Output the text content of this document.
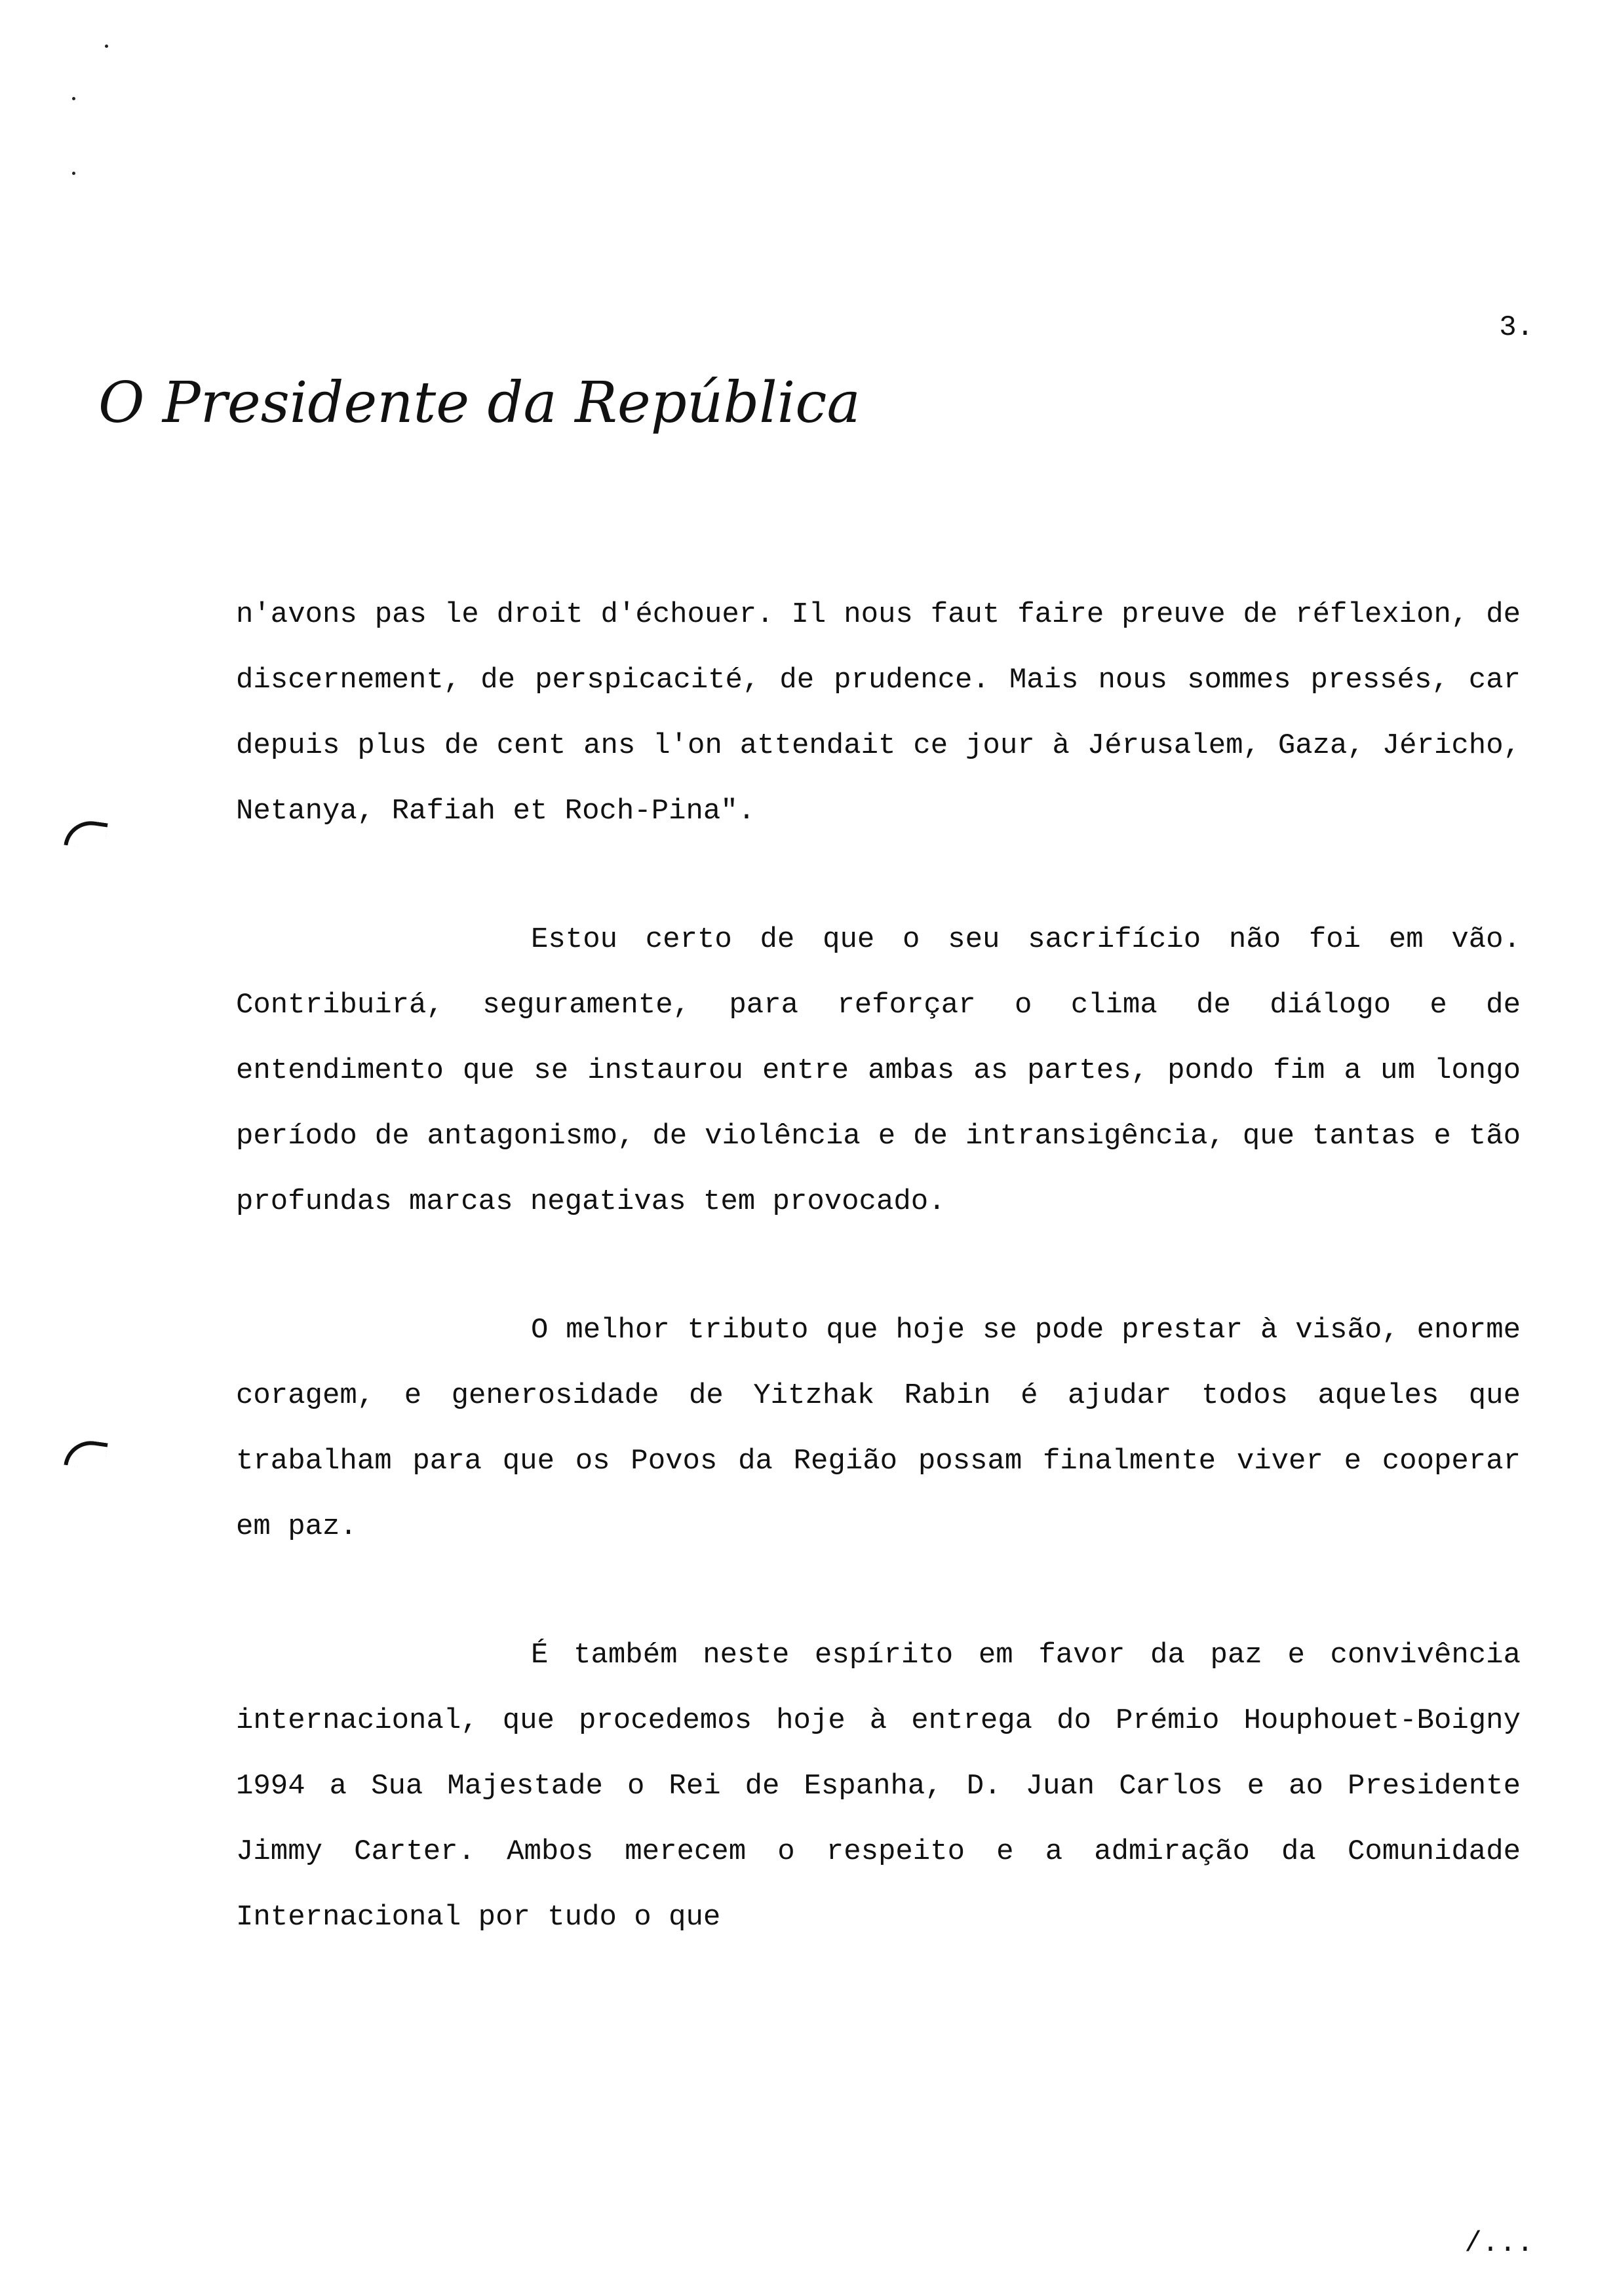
3.
O Presidente da República

n'avons pas le droit d'échouer. Il nous faut faire preuve de réflexion, de discernement, de perspicacité, de prudence. Mais nous sommes pressés, car depuis plus de cent ans l'on attendait ce jour à Jérusalem, Gaza, Jéricho, Netanya, Rafiah et Roch-Pina".

Estou certo de que o seu sacrifício não foi em vão. Contribuirá, seguramente, para reforçar o clima de diálogo e de entendimento que se instaurou entre ambas as partes, pondo fim a um longo período de antagonismo, de violência e de intransigência, que tantas e tão profundas marcas negativas tem provocado.

O melhor tributo que hoje se pode prestar à visão, enorme coragem, e generosidade de Yitzhak Rabin é ajudar todos aqueles que trabalham para que os Povos da Região possam finalmente viver e cooperar em paz.

É também neste espírito em favor da paz e convivência internacional, que procedemos hoje à entrega do Prémio Houphouet-Boigny 1994 a Sua Majestade o Rei de Espanha, D. Juan Carlos e ao Presidente Jimmy Carter. Ambos merecem o respeito e a admiração da Comunidade Internacional por tudo o que

/...
